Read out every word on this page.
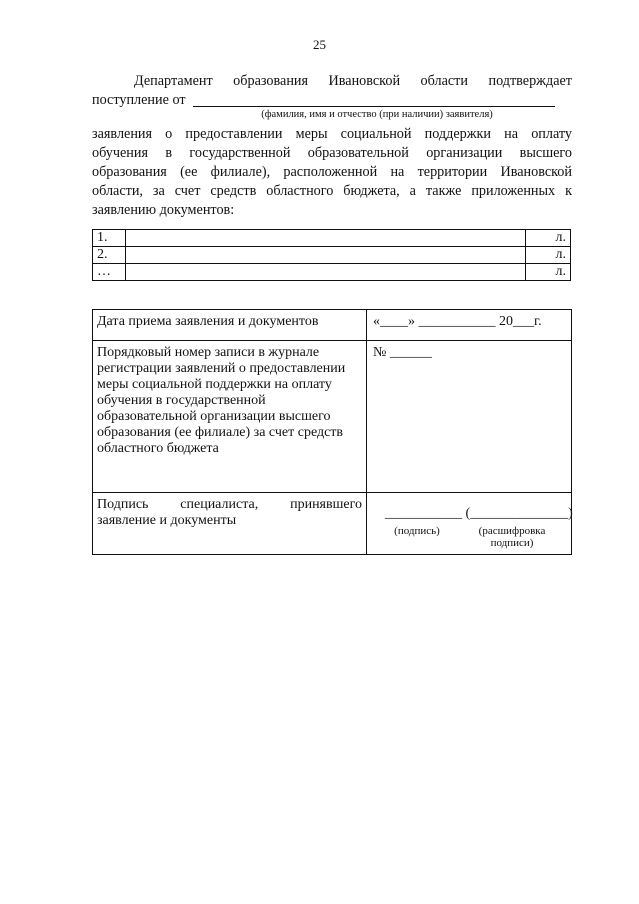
25
Департамент образования Ивановской области подтверждает
поступление от
(фамилия, имя и отчество (при наличии) заявителя)
заявления о предоставлении меры социальной поддержки на оплату
обучения в государственной образовательной организации высшего
образования (ее филиале), расположенной на территории Ивановской
области, за счет средств областного бюджета, а также приложенных к
заявлению документов:
1.		л.
2.		л.
…		л.
Дата приема заявления и документов	«____» ___________ 20___г.
Порядковый номер записи в журнале регистрации заявлений о предоставлении меры социальной поддержки на оплату обучения в государственной образовательной организации высшего образования (ее филиале) за счет средств областного бюджета	№ ______
Подпись специалиста, принявшего заявление и документы	___________ (______________)
(подпись) (расшифровка подписи)
